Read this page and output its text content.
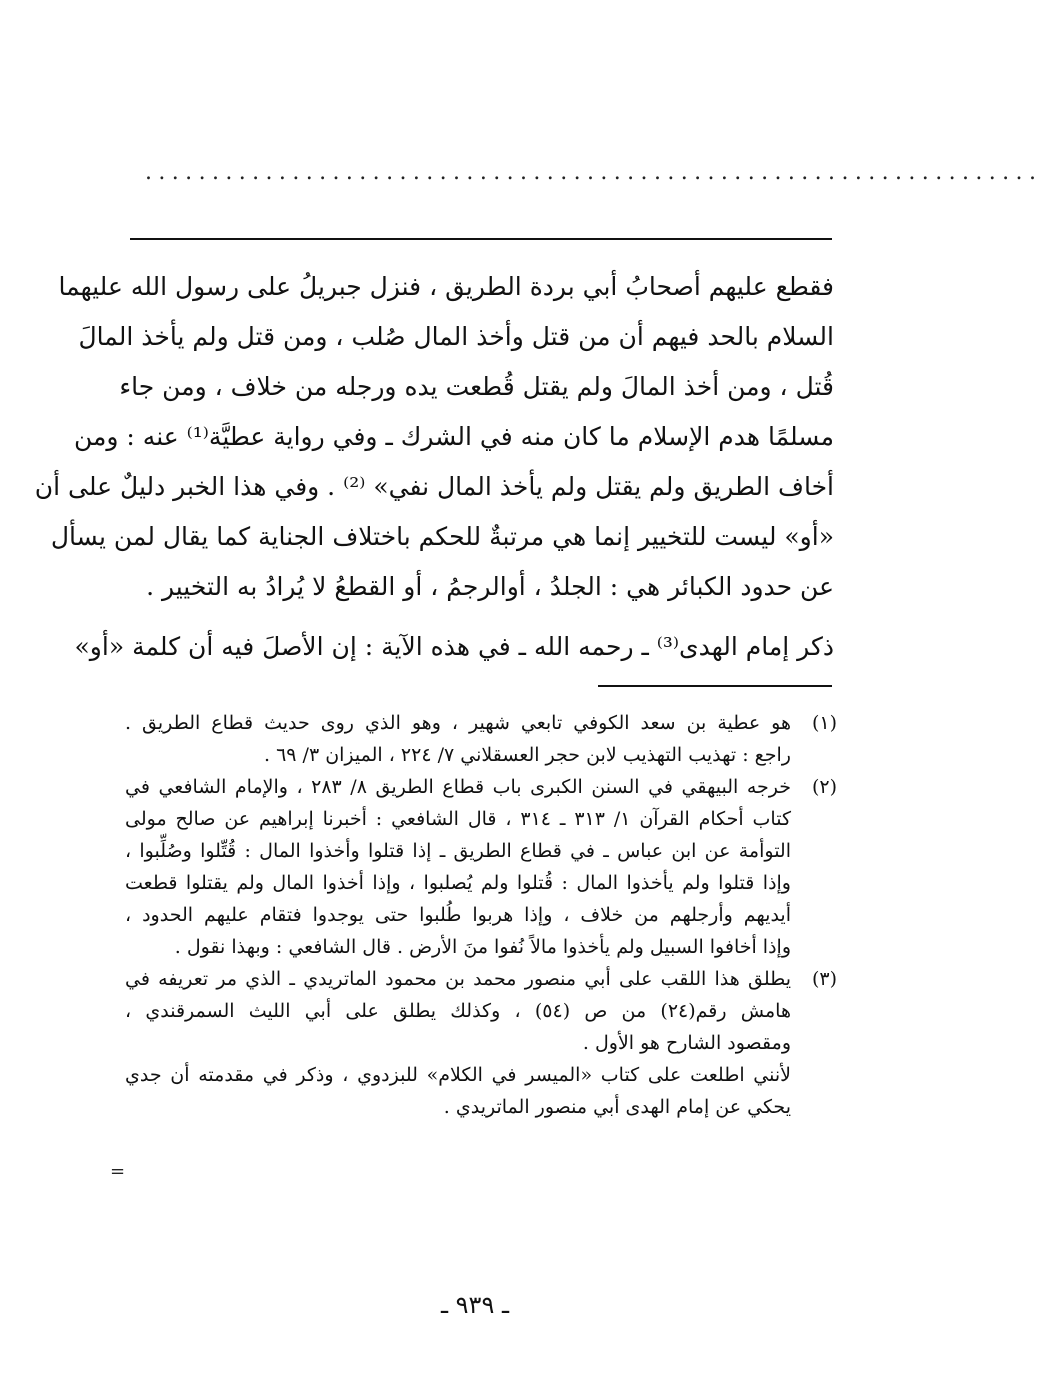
...................................................................
فقطع عليهم أصحابُ أبي بردة الطريق ، فنزل جبريلُ على رسول الله عليهما
السلام بالحد فيهم أن من قتل وأخذ المال صُلب ، ومن قتل ولم يأخذ المالَ
قُتل ، ومن أخذ المالَ ولم يقتل قُطعت يده ورجله من خلاف ، ومن جاء
مسلمًا هدم الإسلام ما كان منه في الشرك ـ وفي رواية عطيَّة⁽¹⁾ عنه : ومن
أخاف الطريق ولم يقتل ولم يأخذ المال نفي» ⁽²⁾ . وفي هذا الخبر دليلٌ على أن
«أو» ليست للتخيير إنما هي مرتبةٌ للحكم باختلاف الجناية كما يقال لمن يسأل
عن حدود الكبائر هي : الجلدُ ، أوالرجمُ ، أو القطعُ لا يُرادُ به التخيير .
ذكر إمام الهدى⁽³⁾ ـ رحمه الله ـ في هذه الآية : إن الأصلَ فيه أن كلمة «أو»
(١)
هو عطية بن سعد الكوفي تابعي شهير ، وهو الذي روى حديث قطاع الطريق .
راجع : تهذيب التهذيب لابن حجر العسقلاني ٧/ ٢٢٤ ، الميزان ٣/ ٦٩ .
(٢)
خرجه البيهقي في السنن الكبرى باب قطاع الطريق ٨/ ٢٨٣ ، والإمام الشافعي في
كتاب أحكام القرآن ١/ ٣١٣ ـ ٣١٤ ، قال الشافعي : أخبرنا إبراهيم عن صالح مولى
التوأمة عن ابن عباس ـ في قطاع الطريق ـ إذا قتلوا وأخذوا المال : قُتِّلوا وصُلِّبوا ،
وإذا قتلوا ولم يأخذوا المال : قُتلوا ولم يُصلبوا ، وإذا أخذوا المال ولم يقتلوا قطعت
أيديهم وأرجلهم من خلاف ، وإذا هربوا طُلبوا حتى يوجدوا فتقام عليهم الحدود ،
وإذا أخافوا السبيل ولم يأخذوا مالاً نُفوا منَ الأرض . قال الشافعي : وبهذا نقول .
(٣)
يطلق هذا اللقب على أبي منصور محمد بن محمود الماتريدي ـ الذي مر تعريفه في
هامش رقم(٢٤) من ص (٥٤) ، وكذلك يطلق على أبي الليث السمرقندي ،
ومقصود الشارح هو الأول .
لأنني اطلعت على كتاب «الميسر في الكلام» للبزدوي ، وذكر في مقدمته أن جدي
يحكي عن إمام الهدى أبي منصور الماتريدي .
=
ـ ٩٣٩ ـ
